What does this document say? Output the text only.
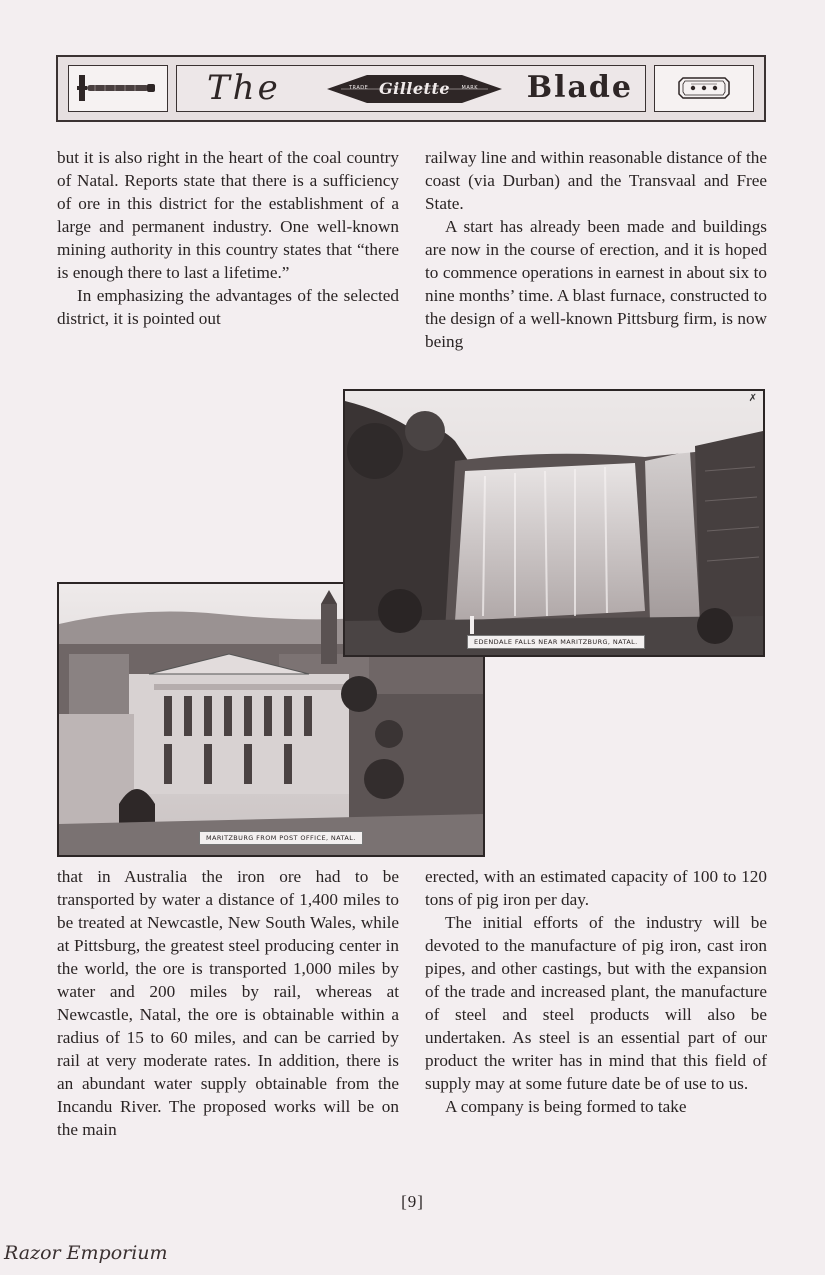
The	TRADE Gillette	MARK Blade

but it is also right in the heart of the coal country of Natal. Reports state that there is a sufficiency of ore in this district for the establishment of a large and permanent industry. One well-known mining authority in this country states that “there is enough there to last a lifetime.”

In emphasizing the advantages of the selected district, it is pointed out

railway line and within reasonable distance of the coast (via Durban) and the Transvaal and Free State.

A start has already been made and buildings are now in the course of erection, and it is hoped to commence operations in earnest in about six to nine months’ time. A blast furnace, constructed to the design of a well-known Pittsburg firm, is now being

MARITZBURG FROM POST OFFICE, NATAL.
✗
EDENDALE FALLS NEAR MARITZBURG, NATAL.

that in Australia the iron ore had to be transported by water a distance of 1,400 miles to be treated at Newcastle, New South Wales, while at Pittsburg, the greatest steel producing center in the world, the ore is transported 1,000 miles by water and 200 miles by rail, whereas at Newcastle, Natal, the ore is obtainable within a radius of 15 to 60 miles, and can be carried by rail at very moderate rates. In addition, there is an abundant water supply obtainable from the Incandu River. The proposed works will be on the main

erected, with an estimated capacity of 100 to 120 tons of pig iron per day.

The initial efforts of the industry will be devoted to the manufacture of pig iron, cast iron pipes, and other castings, but with the expansion of the trade and increased plant, the manufacture of steel and steel products will also be undertaken. As steel is an essential part of our product the writer has in mind that this field of supply may at some future date be of use to us.

A company is being formed to take

[9]
Razor Emporium
